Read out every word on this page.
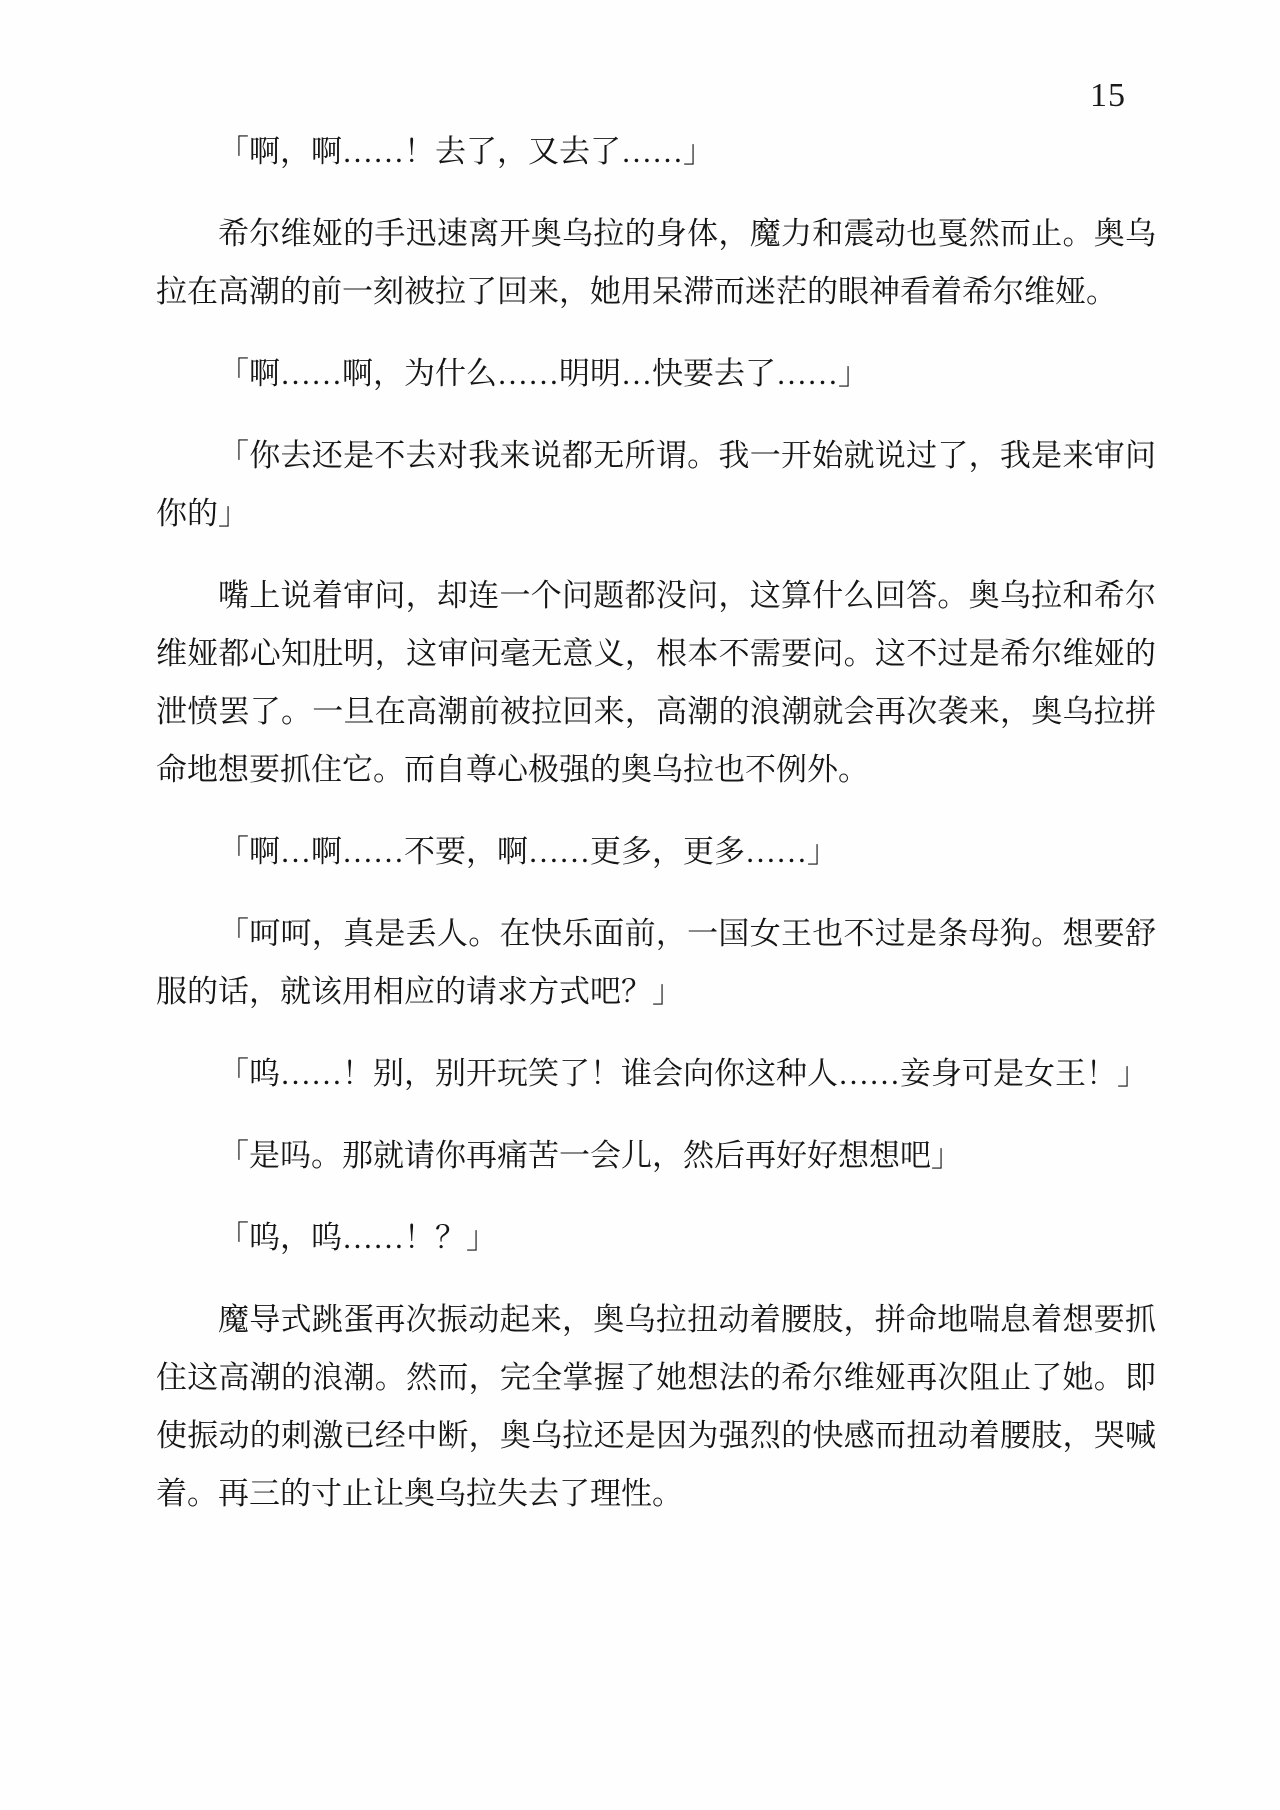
15
「啊，啊……！去了，又去了……」
希尔维娅的手迅速离开奥乌拉的身体，魔力和震动也戛然而止。奥乌
拉在高潮的前一刻被拉了回来，她用呆滞而迷茫的眼神看着希尔维娅。
「啊……啊，为什么……明明…快要去了……」
「你去还是不去对我来说都无所谓。我一开始就说过了，我是来审问
你的」
嘴上说着审问，却连一个问题都没问，这算什么回答。奥乌拉和希尔
维娅都心知肚明，这审问毫无意义，根本不需要问。这不过是希尔维娅的
泄愤罢了。一旦在高潮前被拉回来，高潮的浪潮就会再次袭来，奥乌拉拼
命地想要抓住它。而自尊心极强的奥乌拉也不例外。
「啊…啊……不要，啊……更多，更多……」
「呵呵，真是丢人。在快乐面前，一国女王也不过是条母狗。想要舒
服的话，就该用相应的请求方式吧？」
「呜……！别，别开玩笑了！谁会向你这种人……妾身可是女王！」
「是吗。那就请你再痛苦一会儿，然后再好好想想吧」
「呜，呜……！？」
魔导式跳蛋再次振动起来，奥乌拉扭动着腰肢，拼命地喘息着想要抓
住这高潮的浪潮。然而，完全掌握了她想法的希尔维娅再次阻止了她。即
使振动的刺激已经中断，奥乌拉还是因为强烈的快感而扭动着腰肢，哭喊
着。再三的寸止让奥乌拉失去了理性。
